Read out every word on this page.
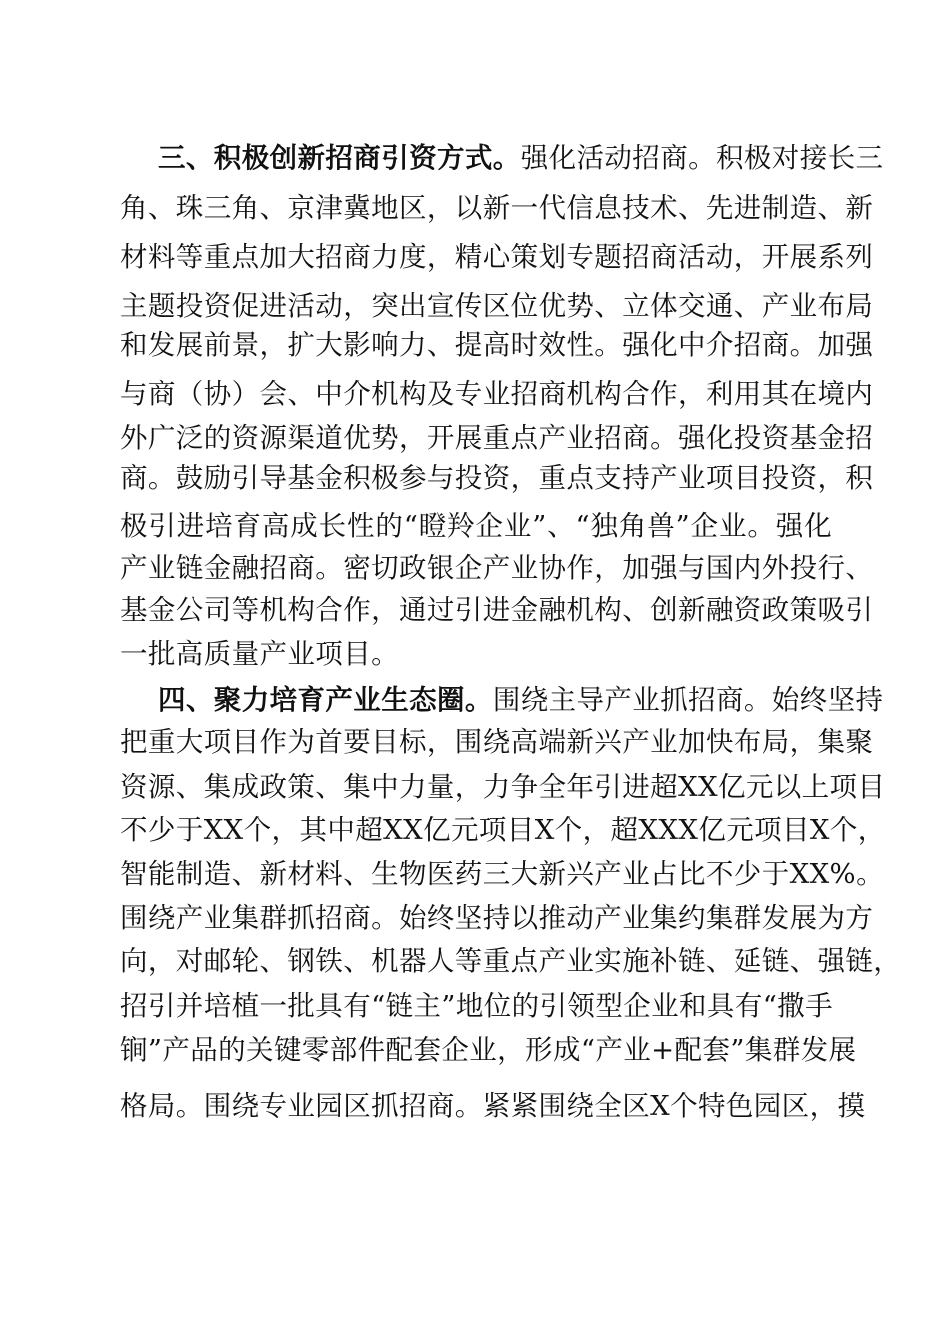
三、积极创新招商引资方式。强化活动招商。积极对接长三
角、珠三角、京津冀地区，以新一代信息技术、先进制造、新
材料等重点加大招商力度，精心策划专题招商活动，开展系列
主题投资促进活动，突出宣传区位优势、立体交通、产业布局
和发展前景，扩大影响力、提高时效性。强化中介招商。加强
与商（协）会、中介机构及专业招商机构合作，利用其在境内
外广泛的资源渠道优势，开展重点产业招商。强化投资基金招
商。鼓励引导基金积极参与投资，重点支持产业项目投资，积
极引进培育高成长性的“瞪羚企业”、“独角兽”企业。强化
产业链金融招商。密切政银企产业协作，加强与国内外投行、
基金公司等机构合作，通过引进金融机构、创新融资政策吸引
一批高质量产业项目。
四、聚力培育产业生态圈。围绕主导产业抓招商。始终坚持
把重大项目作为首要目标，围绕高端新兴产业加快布局，集聚
资源、集成政策、集中力量，力争全年引进超XX亿元以上项目
不少于XX个，其中超XX亿元项目X个，超XXX亿元项目X个，
智能制造、新材料、生物医药三大新兴产业占比不少于XX%。
围绕产业集群抓招商。始终坚持以推动产业集约集群发展为方
向，对邮轮、钢铁、机器人等重点产业实施补链、延链、强链，
招引并培植一批具有“链主”地位的引领型企业和具有“撒手
锏”产品的关键零部件配套企业，形成“产业+配套”集群发展
格局。围绕专业园区抓招商。紧紧围绕全区X个特色园区，摸
